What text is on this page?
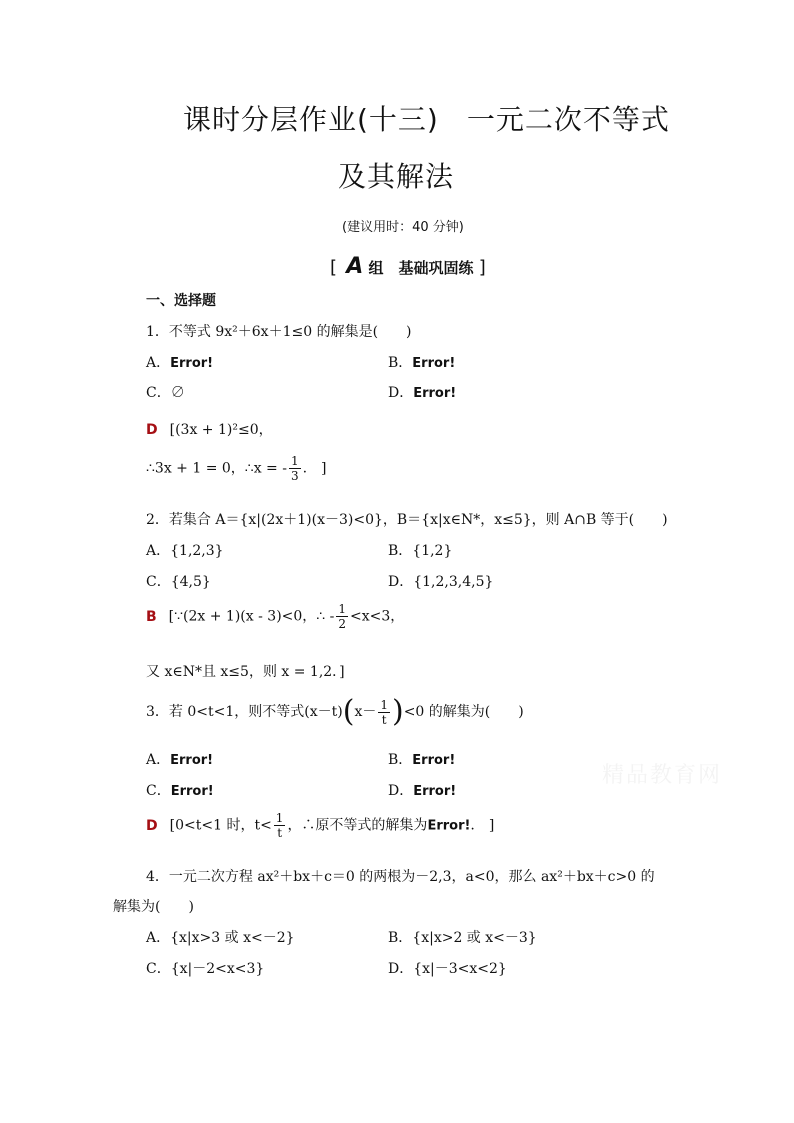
课时分层作业(十三) 一元二次不等式
及其解法
(建议用时：40 分钟)
[ A 组　基础巩固练 ]
一、选择题
1．不等式 9x²＋6x＋1≤0 的解集是(　　)
A．Error!	B．Error!
C．∅	D．Error!
D [(3x + 1)²≤0，
∴3x + 1 = 0，∴x = - $\frac{1}{3}$ .　]
2．若集合 A＝{x|(2x＋1)(x－3)<0}，B＝{x|x∈N*，x≤5}，则 A∩B 等于(　　)
A．{1,2,3}	B．{1,2}
C．{4,5}	D．{1,2,3,4,5}
B [∵(2x + 1)(x - 3)<0，∴ - $\frac{1}{2} <x<3$，
又 x∈N*且 x≤5，则 x = 1,2．]
3．若 0<t<1，则不等式$(x-t)(x- \frac{1}{t} )<0$ 的解集为(　　)
A．Error!	B．Error!
C．Error!	D．Error!
D [0<t<1 时，$t< \frac{1}{t}$ ，∴原不等式的解集为Error!.　]
4．一元二次方程 ax²＋bx＋c＝0 的两根为－2,3，a<0，那么 ax²＋bx＋c>0 的
解集为(　　)
A．{x|x>3 或 x<－2}	B．{x|x>2 或 x<－3}
C．{x|－2<x<3}	D．{x|－3<x<2}
精品教育网
